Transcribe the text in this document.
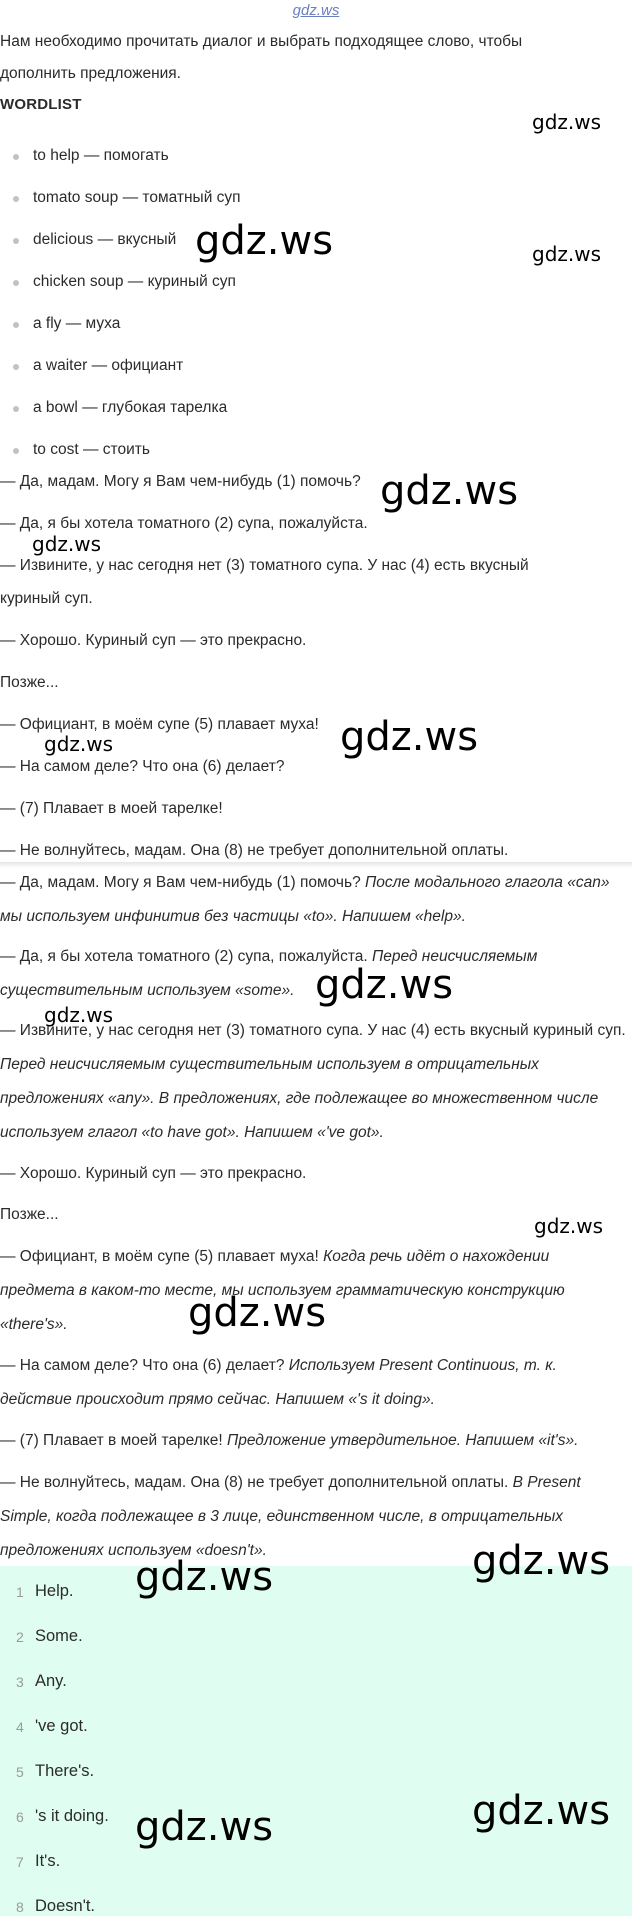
gdz.ws
Нам необходимо прочитать диалог и выбрать подходящее слово, чтобы
дополнить предложения.
WORDLIST
to help — помогать
tomato soup — томатный суп
delicious — вкусный
chicken soup — куриный суп
a fly — муха
a waiter — официант
a bowl — глубокая тарелка
to cost — стоить
— Да, мадам. Могу я Вам чем-нибудь (1) помочь?
— Да, я бы хотела томатного (2) супа, пожалуйста.
— Извините, у нас сегодня нет (3) томатного супа. У нас (4) есть вкусный
куриный суп.
— Хорошо. Куриный суп — это прекрасно.
Позже...
— Официант, в моём супе (5) плавает муха!
— На самом деле? Что она (6) делает?
— (7) Плавает в моей тарелке!
— Не волнуйтесь, мадам. Она (8) не требует дополнительной оплаты.
— Да, мадам. Могу я Вам чем-нибудь (1) помочь? После модального глагола «can» мы используем инфинитив без частицы «to». Напишем «help».
— Да, я бы хотела томатного (2) супа, пожалуйста. Перед неисчисляемым существительным используем «some».
— Извините, у нас сегодня нет (3) томатного супа. У нас (4) есть вкусный куриный суп. Перед неисчисляемым существительным используем в отрицательных предложениях «any». В предложениях, где подлежащее во множественном числе используем глагол «to have got». Напишем «'ve got».
— Хорошо. Куриный суп — это прекрасно.
Позже...
— Официант, в моём супе (5) плавает муха! Когда речь идёт о нахождении предмета в каком-то месте, мы используем грамматическую конструкцию «there's».
— На самом деле? Что она (6) делает? Используем Present Continuous, т. к. действие происходит прямо сейчас. Напишем «'s it doing».
— (7) Плавает в моей тарелке! Предложение утвердительное. Напишем «it's».
— Не волнуйтесь, мадам. Она (8) не требует дополнительной оплаты. В Present Simple, когда подлежащее в 3 лице, единственном числе, в отрицательных предложениях используем «doesn't».
1 Help.
2 Some.
3 Any.
4 've got.
5 There's.
6 's it doing.
7 It's.
8 Doesn't.
gdz.ws
gdz.ws	gdz.ws
gdz.ws
gdz.ws
gdz.ws
gdz.ws
gdz.ws
gdz.ws
gdz.ws
gdz.ws
gdz.ws
gdz.ws
gdz.ws
gdz.ws
